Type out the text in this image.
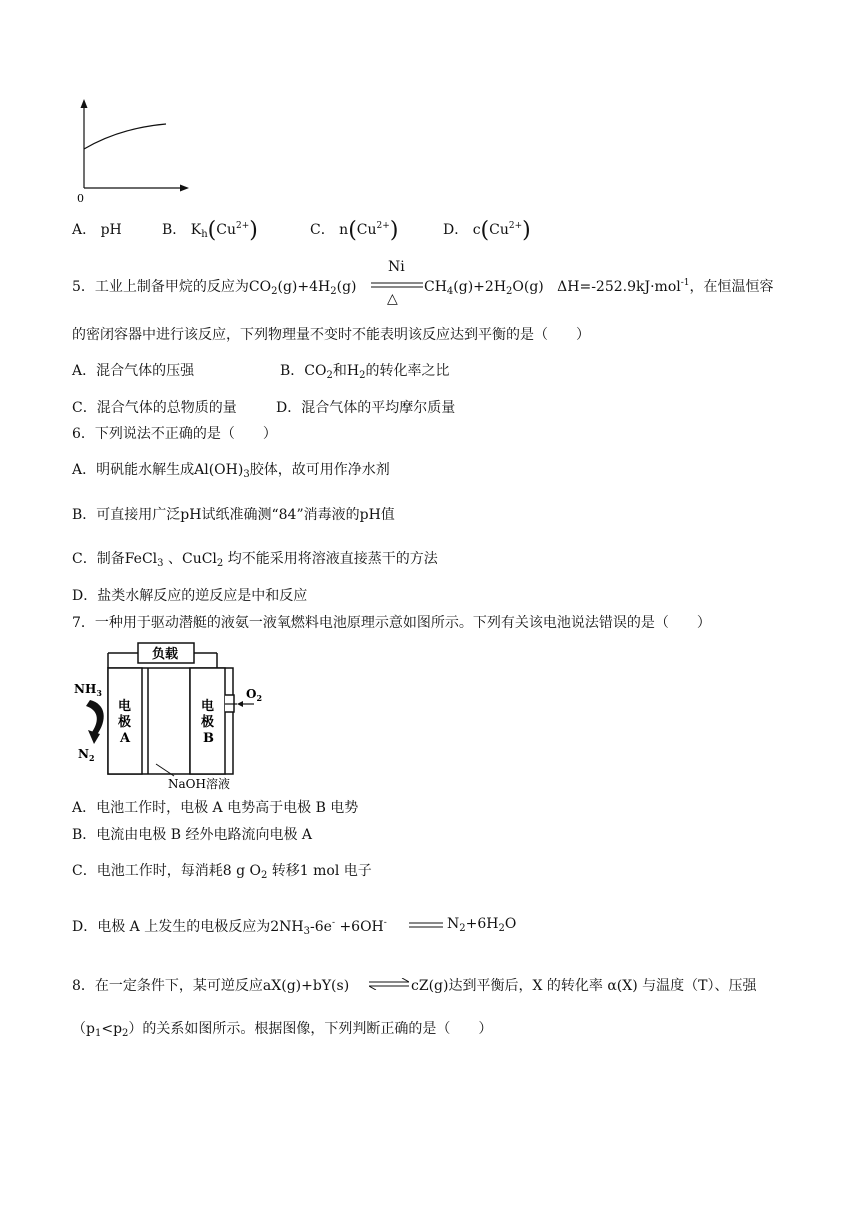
0
A． pH	B． $K_h(Cu^{2+})$	C． $n(Cu^{2+})$	D． $c(Cu^{2+})$
5．工业上制备甲烷的反应为$CO_2(g)+4H_2(g)$
Ni
△
$CH_4(g)+2H_2O(g)$ ΔH=-252.9kJ·mol$^{-1}$，在恒温恒容
的密闭容器中进行该反应，下列物理量不变时不能表明该反应达到平衡的是（　　）
A．混合气体的压强	B．$CO_2$和$H_2$的转化率之比
C．混合气体的总物质的量	D．混合气体的平均摩尔质量
6．下列说法不正确的是（　　）
A．明矾能水解生成$Al(OH)_3$胶体，故可用作净水剂
B．可直接用广泛pH试纸准确测“84”消毒液的pH值
C．制备FeCl$_3$ 、CuCl$_2$ 均不能采用将溶液直接蒸干的方法
D．盐类水解反应的逆反应是中和反应
7．一种用于驱动潜艇的液氨一液氧燃料电池原理示意如图所示。下列有关该电池说法错误的是（　　）
负载
$O_2$
电
极
A
电
极
B
$NH_3$
$N_2$
NaOH溶液
A．电池工作时，电极 A 电势高于电极 B 电势
B．电流由电极 B 经外电路流向电极 A
C．电池工作时，每消耗8 g $O_2$ 转移1 mol 电子
D．电极 A 上发生的电极反应为$2NH_3-6e^- +6OH^-$	$N_2+6H_2O$
8．在一定条件下，某可逆反应aX(g)+bY(s)	cZ(g)达到平衡后，X 的转化率 α(X) 与温度（T）、压强
$(p_1<p_2)$的关系如图所示。根据图像，下列判断正确的是（　　）
